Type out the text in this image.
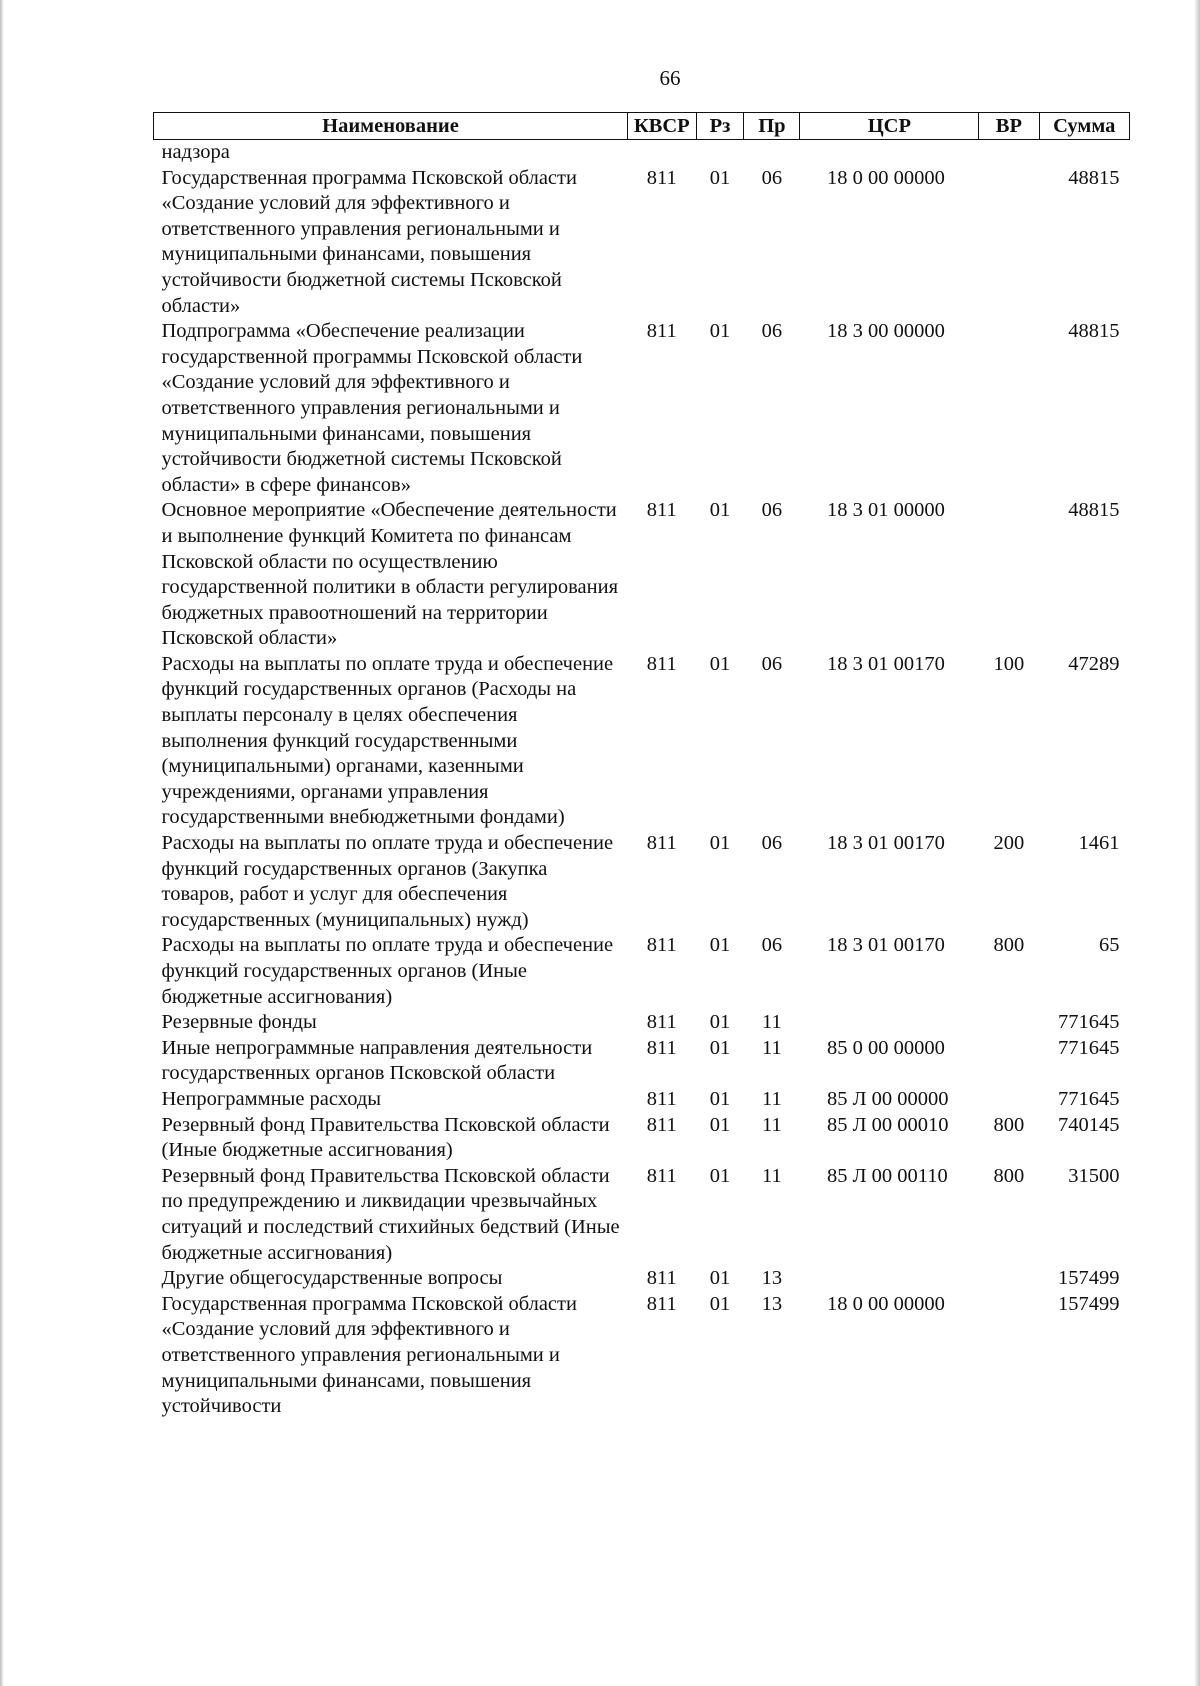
66
Наименование	КВСР	Рз	Пр	ЦСР	ВР	Сумма
надзора						
Государственная программа Псковской области «Создание условий для эффективного и ответственного управления региональными и муниципальными финансами, повышения устойчивости бюджетной системы Псковской области»	811	01	06	18 0 00 00000		48815
Подпрограмма «Обеспечение реализации государственной программы Псковской области «Создание условий для эффективного и ответственного управления региональными и муниципальными финансами, повышения устойчивости бюджетной системы Псковской области» в сфере финансов»	811	01	06	18 3 00 00000		48815
Основное мероприятие «Обеспечение деятельности и выполнение функций Комитета по финансам Псковской области по осуществлению государственной политики в области регулирования бюджетных правоотношений на территории Псковской области»	811	01	06	18 3 01 00000		48815
Расходы на выплаты по оплате труда и обеспечение функций государственных органов (Расходы на выплаты персоналу в целях обеспечения выполнения функций государственными (муниципальными) органами, казенными учреждениями, органами управления государственными внебюджетными фондами)	811	01	06	18 3 01 00170	100	47289
Расходы на выплаты по оплате труда и обеспечение функций государственных органов (Закупка товаров, работ и услуг для обеспечения государственных (муниципальных) нужд)	811	01	06	18 3 01 00170	200	1461
Расходы на выплаты по оплате труда и обеспечение функций государственных органов (Иные бюджетные ассигнования)	811	01	06	18 3 01 00170	800	65
Резервные фонды	811	01	11			771645
Иные непрограммные направления деятельности государственных органов Псковской области	811	01	11	85 0 00 00000		771645
Непрограммные расходы	811	01	11	85 Л 00 00000		771645
Резервный фонд Правительства Псковской области (Иные бюджетные ассигнования)	811	01	11	85 Л 00 00010	800	740145
Резервный фонд Правительства Псковской области по предупреждению и ликвидации чрезвычайных ситуаций и последствий стихийных бедствий (Иные бюджетные ассигнования)	811	01	11	85 Л 00 00110	800	31500
Другие общегосударственные вопросы	811	01	13			157499
Государственная программа Псковской области «Создание условий для эффективного и ответственного управления региональными и муниципальными финансами, повышения устойчивости	811	01	13	18 0 00 00000		157499
